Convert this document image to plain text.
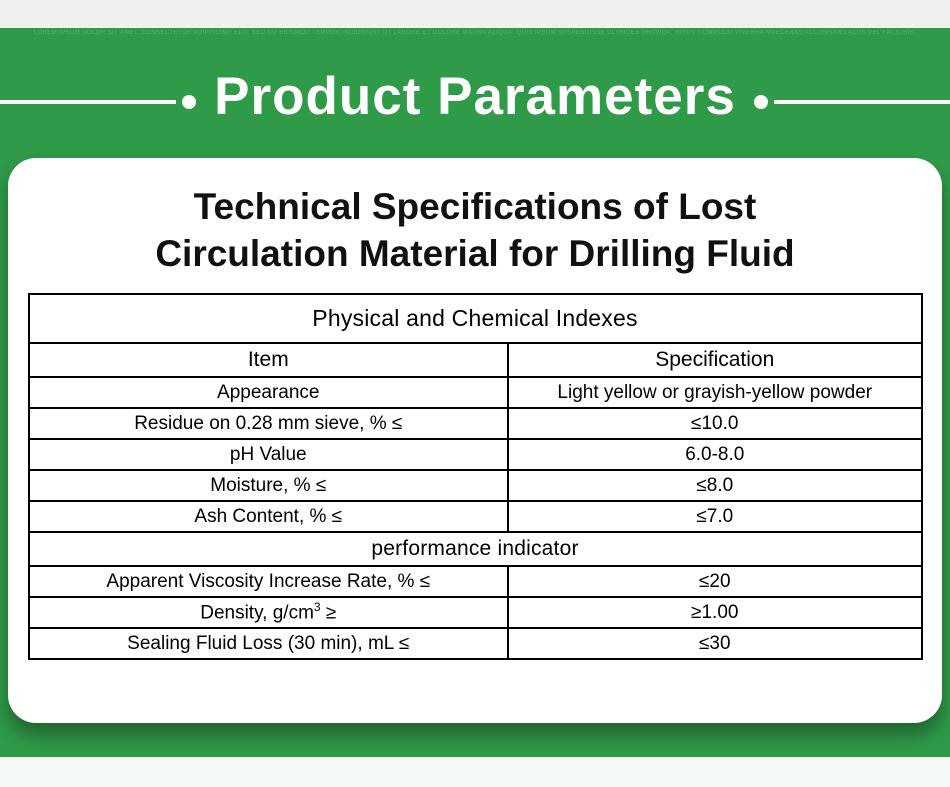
LOREM IPSUM DOLOR SIT AMET, CONSECTETUR ADIPISCING ELIT, SED DO EIUSMOD TEMPOR INCIDIDUNT UT LABORE ET DOLORE MAGNA ALIQUA. QUIS IPSUM SUSPENDISSE ULTRICES GRAVIDA. RISUS COMMODO VIVERRA MAECENAS ACCUMSAN LACUS VEL FACILISIS.
Product Parameters
Technical Specifications of Lost
Circulation Material for Drilling Fluid
Physical and Chemical Indexes	
Item	Specification
Appearance	Light yellow or grayish-yellow powder
Residue on 0.28 mm sieve, % ≤	≤10.0
pH Value	6.0-8.0
Moisture, % ≤	≤8.0
Ash Content, % ≤	≤7.0
performance indicator	
Apparent Viscosity Increase Rate, % ≤	≤20
Density, $g/cm^3$ ≥	≥1.00
Sealing Fluid Loss (30 min), mL ≤	≤30
